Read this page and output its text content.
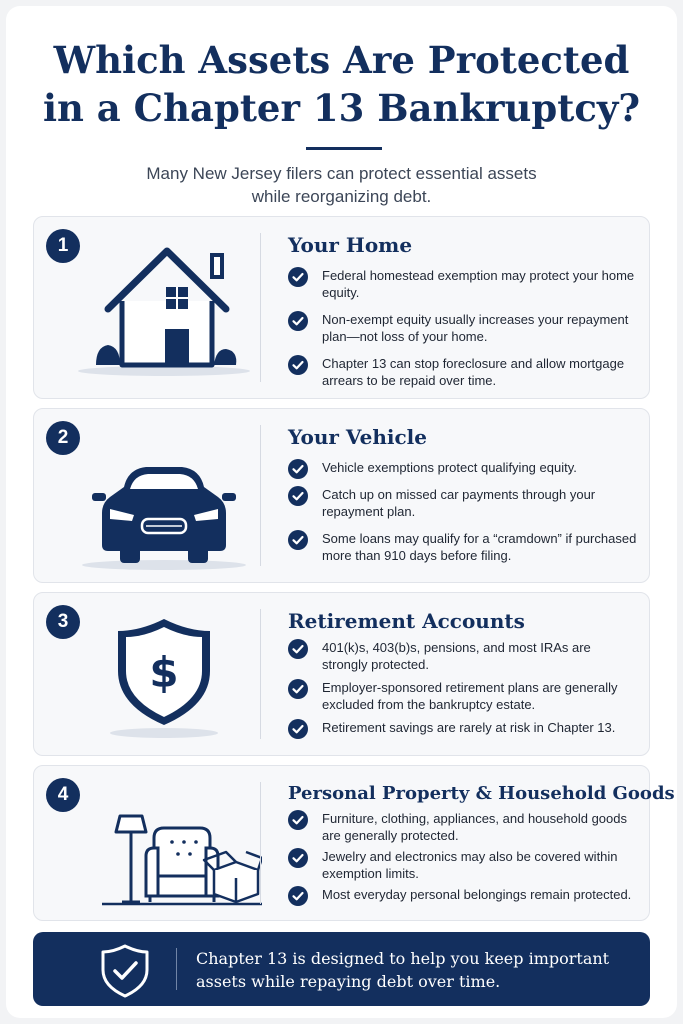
Which Assets Are Protected
in a Chapter 13 Bankruptcy?

Many New Jersey filers can protect essential assets
while reorganizing debt.

1	Your Home
Federal homestead exemption may protect your home equity.
Non-exempt equity usually increases your repayment plan—not loss of your home.
Chapter 13 can stop foreclosure and allow mortgage arrears to be repaid over time.
2	Your Vehicle
Vehicle exemptions protect qualifying equity.
Catch up on missed car payments through your repayment plan.
Some loans may qualify for a “cramdown” if purchased more than 910 days before filing.
3
$
Retirement Accounts
401(k)s, 403(b)s, pensions, and most IRAs are strongly protected.
Employer-sponsored retirement plans are generally excluded from the bankruptcy estate.
Retirement savings are rarely at risk in Chapter 13.
4	Personal Property & Household Goods
Furniture, clothing, appliances, and household goods are generally protected.
Jewelry and electronics may also be covered within exemption limits.
Most everyday personal belongings remain protected.
Chapter 13 is designed to help you keep important assets while repaying debt over time.
